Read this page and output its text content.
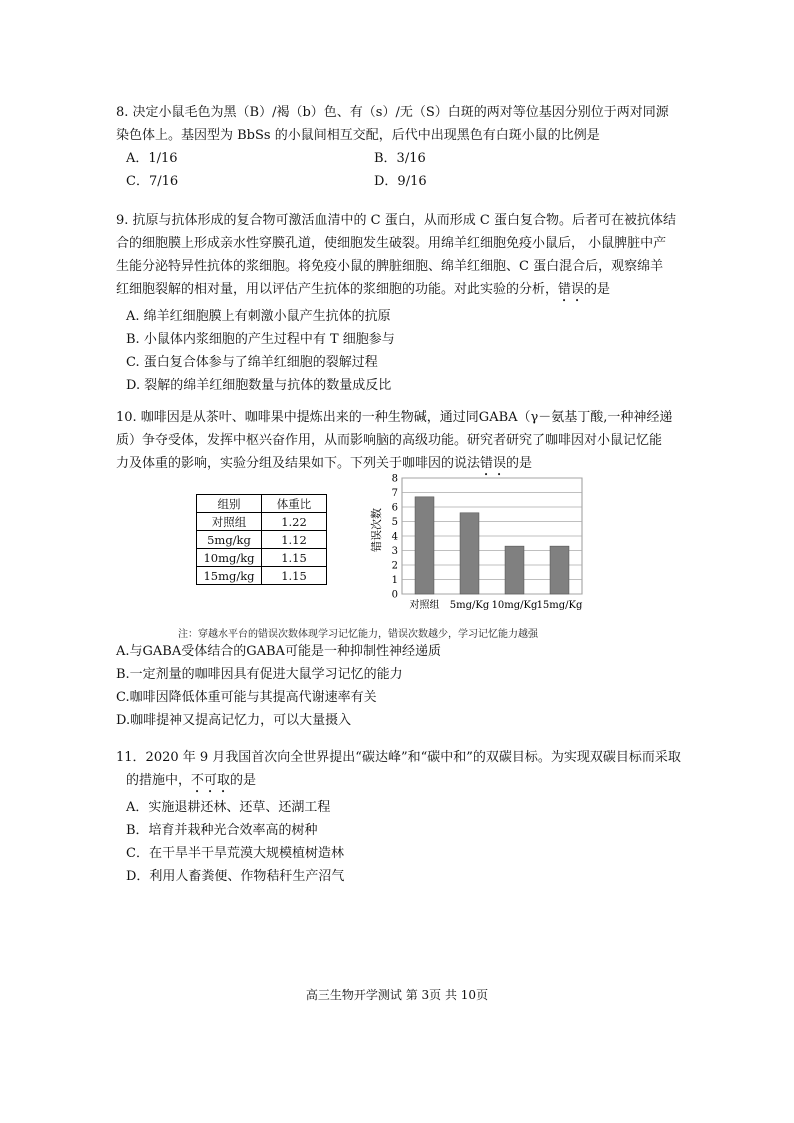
8. 决定小鼠毛色为黑（B）/褐（b）色、有（s）/无（S）白斑的两对等位基因分别位于两对同源

染色体上。基因型为 BbSs 的小鼠间相互交配，后代中出现黑色有白斑小鼠的比例是

A．1/16	B．3/16
C．7/16	D．9/16

9. 抗原与抗体形成的复合物可激活血清中的 C 蛋白，从而形成 C 蛋白复合物。后者可在被抗体结

合的细胞膜上形成亲水性穿膜孔道，使细胞发生破裂。用绵羊红细胞免疫小鼠后， 小鼠脾脏中产

生能分泌特异性抗体的浆细胞。将免疫小鼠的脾脏细胞、绵羊红细胞、C 蛋白混合后，观察绵羊

红细胞裂解的相对量，用以评估产生抗体的浆细胞的功能。对此实验的分析，错误的是

A. 绵羊红细胞膜上有刺激小鼠产生抗体的抗原

B. 小鼠体内浆细胞的产生过程中有 T 细胞参与

C. 蛋白复合体参与了绵羊红细胞的裂解过程

D. 裂解的绵羊红细胞数量与抗体的数量成反比

10. 咖啡因是从茶叶、咖啡果中提炼出来的一种生物碱，通过同GABA（γ－氨基丁酸,一种神经递

质）争夺受体，发挥中枢兴奋作用，从而影响脑的高级功能。研究者研究了咖啡因对小鼠记忆能

力及体重的影响，实验分组及结果如下。下列关于咖啡因的说法错误的是

组别	体重比
对照组	1.22
5mg/kg	1.12
10mg/kg	1.15
15mg/kg	1.15
0
1
2
3
4
5
6
7
8
对照组 5mg/Kg 10mg/Kg 15mg/Kg
错误次数
注：穿越水平台的错误次数体现学习记忆能力，错误次数越少，学习记忆能力越强

A.与GABA受体结合的GABA可能是一种抑制性神经递质

B.一定剂量的咖啡因具有促进大鼠学习记忆的能力

C.咖啡因降低体重可能与其提高代谢速率有关

D.咖啡提神又提高记忆力，可以大量摄入

11．2020 年 9 月我国首次向全世界提出“碳达峰”和“碳中和”的双碳目标。为实现双碳目标而采取

的措施中，不可取的是

A．实施退耕还林、还草、还湖工程

B．培育并栽种光合效率高的树种

C．在干旱半干旱荒漠大规模植树造林

D．利用人畜粪便、作物秸秆生产沼气

高三生物开学测试 第 3页 共 10页
